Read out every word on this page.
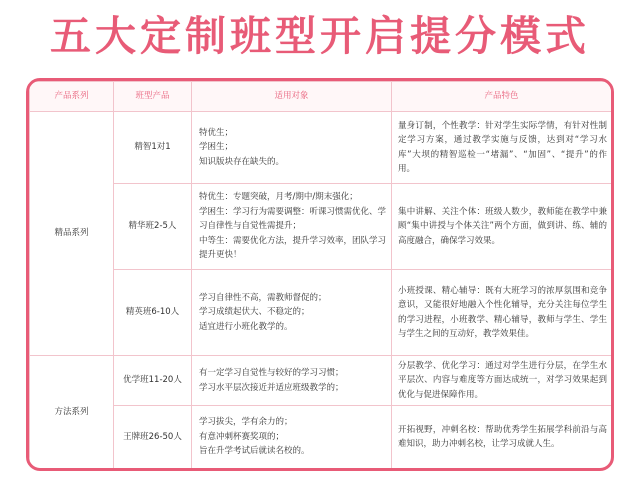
五大定制班型开启提分模式
产品系列	班型产品	适用对象	产品特色
精品系列	精智1对1	特优生；
学困生；
知识版块存在缺失的。	量身订制，个性教学：针对学生实际学情，有针对性制定学习方案，通过教学实施与反馈，达到对“学习水库”大坝的精智巡检一“堵漏”、“加固”、“提升”的作用。
	精华班2-5人	特优生：专题突破，月考/期中/期末强化；
学困生：学习行为需要调整：听课习惯需优化、学习自律性与自觉性需提升；
中等生：需要优化方法，提升学习效率，团队学习提升更快！	集中讲解、关注个体：班级人数少，教师能在教学中兼顾“集中讲授与个体关注”两个方面，做到讲、练、辅的高度融合，确保学习效果。
	精英班6-10人	学习自律性不高，需教师督促的；
学习成绩起伏大、不稳定的；
适宜进行小班化教学的。	小班授课、精心辅导：既有大班学习的浓厚氛围和竞争意识，又能很好地融入个性化辅导，充分关注每位学生的学习进程，小班教学、精心辅导，教师与学生、学生与学生之间的互动好，教学效果佳。
方法系列	优学班11-20人	有一定学习自觉性与较好的学习习惯；
学习水平层次接近并适应班级教学的；	分层教学、优化学习：通过对学生进行分层，在学生水平层次、内容与难度等方面达成统一，对学习效果起到优化与促进保障作用。
	王牌班26-50人	学习拔尖，学有余力的；
有意冲刺杯赛奖项的；
旨在升学考试后就读名校的。	开拓视野，冲刺名校：帮助优秀学生拓展学科前沿与高难知识，助力冲刺名校，让学习成就人生。
